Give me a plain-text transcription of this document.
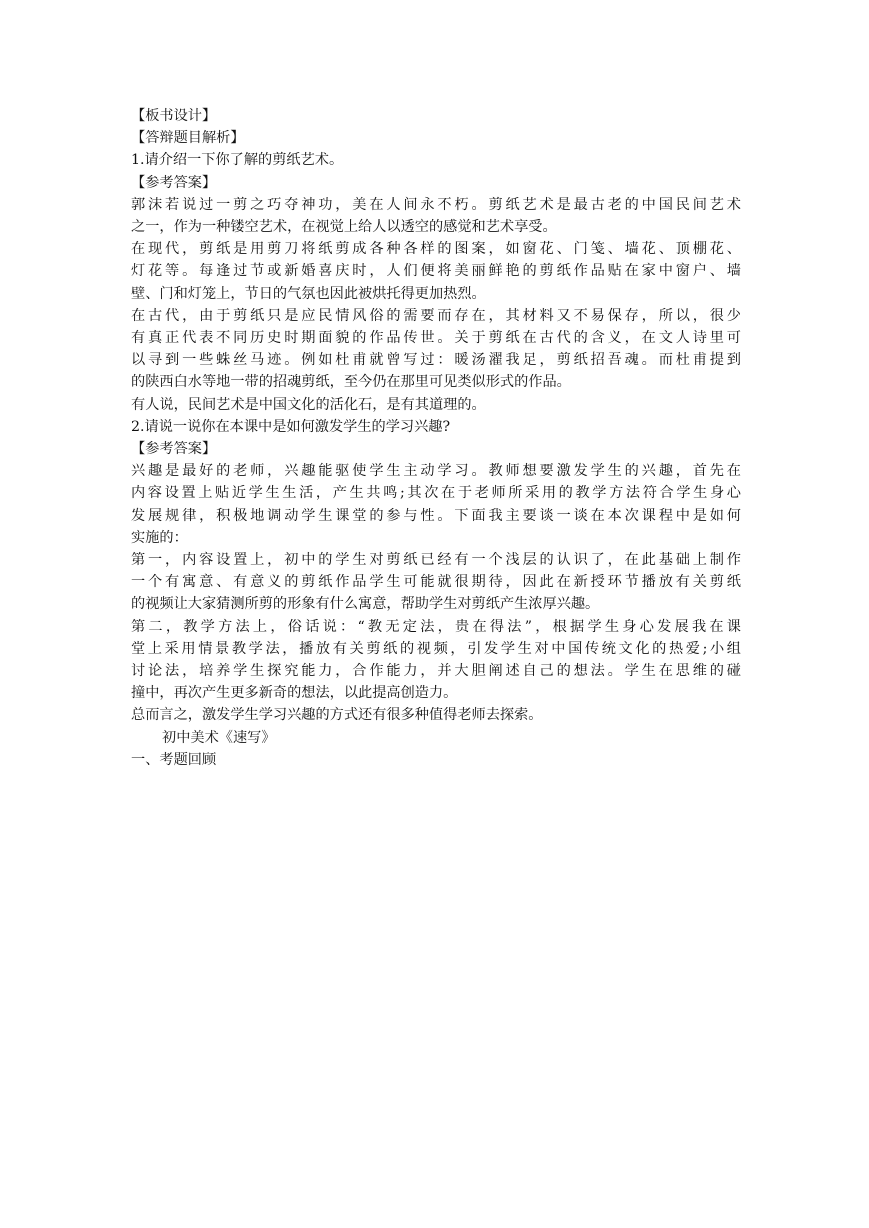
【板书设计】
【答辩题目解析】
1.请介绍一下你了解的剪纸艺术。
【参考答案】
郭沫若说过一剪之巧夺神功，美在人间永不朽。剪纸艺术是最古老的中国民间艺术
之一，作为一种镂空艺术，在视觉上给人以透空的感觉和艺术享受。
在现代，剪纸是用剪刀将纸剪成各种各样的图案，如窗花、门笺、墙花、顶棚花、
灯花等。每逢过节或新婚喜庆时，人们便将美丽鲜艳的剪纸作品贴在家中窗户、墙
壁、门和灯笼上，节日的气氛也因此被烘托得更加热烈。
在古代，由于剪纸只是应民情风俗的需要而存在，其材料又不易保存，所以，很少
有真正代表不同历史时期面貌的作品传世。关于剪纸在古代的含义，在文人诗里可
以寻到一些蛛丝马迹。例如杜甫就曾写过：暖汤濯我足，剪纸招吾魂。而杜甫提到
的陕西白水等地一带的招魂剪纸，至今仍在那里可见类似形式的作品。
有人说，民间艺术是中国文化的活化石，是有其道理的。
2.请说一说你在本课中是如何激发学生的学习兴趣?
【参考答案】
兴趣是最好的老师，兴趣能驱使学生主动学习。教师想要激发学生的兴趣，首先在
内容设置上贴近学生生活，产生共鸣;其次在于老师所采用的教学方法符合学生身心
发展规律，积极地调动学生课堂的参与性。下面我主要谈一谈在本次课程中是如何
实施的：
第一，内容设置上，初中的学生对剪纸已经有一个浅层的认识了，在此基础上制作
一个有寓意、有意义的剪纸作品学生可能就很期待，因此在新授环节播放有关剪纸
的视频让大家猜测所剪的形象有什么寓意，帮助学生对剪纸产生浓厚兴趣。
第二，教学方法上，俗话说：“教无定法，贵在得法”，根据学生身心发展我在课
堂上采用情景教学法，播放有关剪纸的视频，引发学生对中国传统文化的热爱;小组
讨论法，培养学生探究能力，合作能力，并大胆阐述自己的想法。学生在思维的碰
撞中，再次产生更多新奇的想法，以此提高创造力。
总而言之，激发学生学习兴趣的方式还有很多种值得老师去探索。
初中美术《速写》
一、考题回顾
